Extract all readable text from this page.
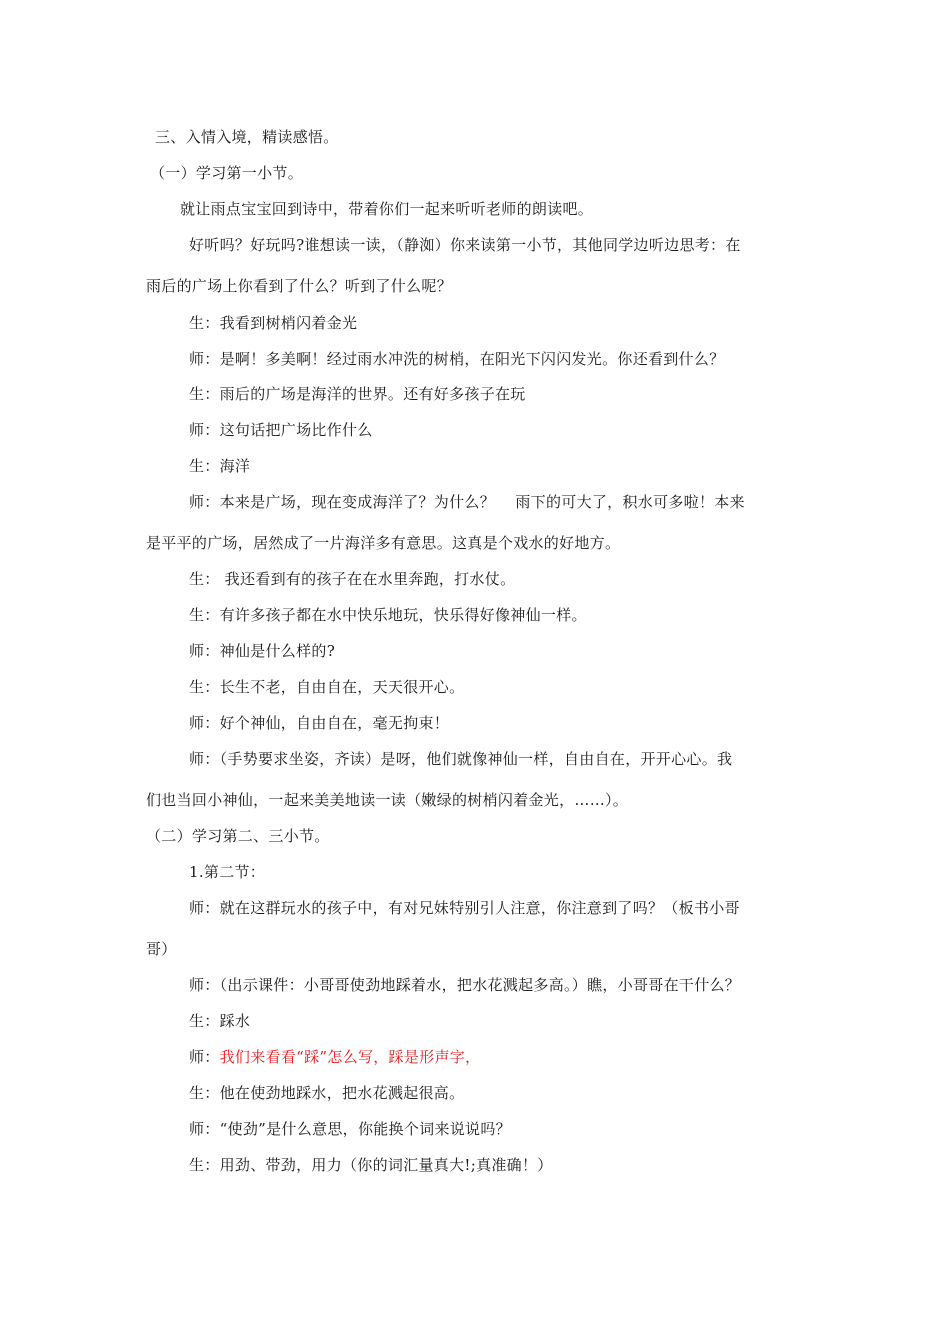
三、入情入境，精读感悟。
（一）学习第一小节。
就让雨点宝宝回到诗中，带着你们一起来听听老师的朗读吧。
好听吗？好玩吗?谁想读一读，（静洳）你来读第一小节，其他同学边听边思考：在
雨后的广场上你看到了什么？听到了什么呢？
生：我看到树梢闪着金光
师：是啊！多美啊！经过雨水冲洗的树梢，在阳光下闪闪发光。你还看到什么？
生：雨后的广场是海洋的世界。还有好多孩子在玩
师：这句话把广场比作什么
生：海洋
师：本来是广场，现在变成海洋了？为什么？　 雨下的可大了，积水可多啦！本来
是平平的广场，居然成了一片海洋多有意思。这真是个戏水的好地方。
生： 我还看到有的孩子在在水里奔跑，打水仗。
生：有许多孩子都在水中快乐地玩，快乐得好像神仙一样。
师：神仙是什么样的?
生：长生不老，自由自在，天天很开心。
师：好个神仙，自由自在，毫无拘束！
师：（手势要求坐姿，齐读）是呀，他们就像神仙一样，自由自在，开开心心。我
们也当回小神仙，一起来美美地读一读（嫩绿的树梢闪着金光，……）。
（二）学习第二、三小节。
1.第二节：
师：就在这群玩水的孩子中，有对兄妹特别引人注意，你注意到了吗？（板书小哥
哥）
师：（出示课件：小哥哥使劲地踩着水，把水花溅起多高。）瞧，小哥哥在干什么？
生：踩水
师：我们来看看“踩”怎么写，踩是形声字，
生：他在使劲地踩水，把水花溅起很高。
师：“使劲”是什么意思，你能换个词来说说吗？
生：用劲、带劲，用力（你的词汇量真大!;真准确！）
